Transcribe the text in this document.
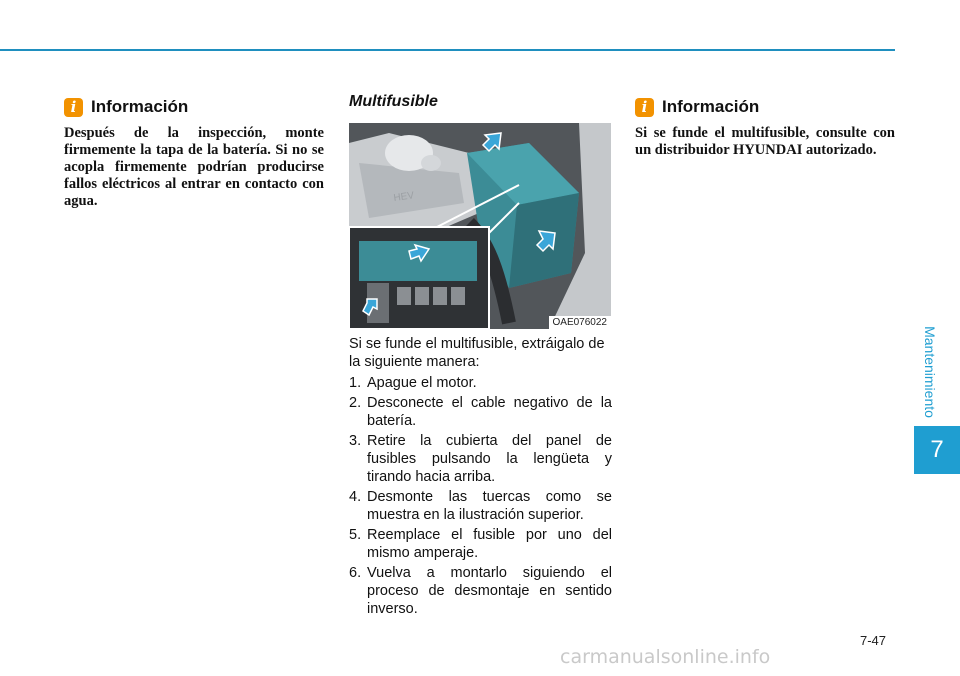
i Información

Después de la inspección, monte firmemente la tapa de la batería. Si no se acopla firmemente podrían producirse fallos eléctricos al entrar en contacto con agua.

Multifusible
HEV
OAE076022

Si se funde el multifusible, extráigalo de la siguiente manera:

1. Apague el motor.
2. Desconecte el cable negativo de la batería.
3. Retire la cubierta del panel de fusibles pulsando la lengüeta y tirando hacia arriba.
4. Desmonte las tuercas como se muestra en la ilustración superior.
5. Reemplace el fusible por uno del mismo amperaje.
6. Vuelva a montarlo siguiendo el proceso de desmontaje en sentido inverso.
i Información

Si se funde el multifusible, consulte con un distribuidor HYUNDAI autorizado.

Mantenimiento
7
7-47
carmanualsonline.info
